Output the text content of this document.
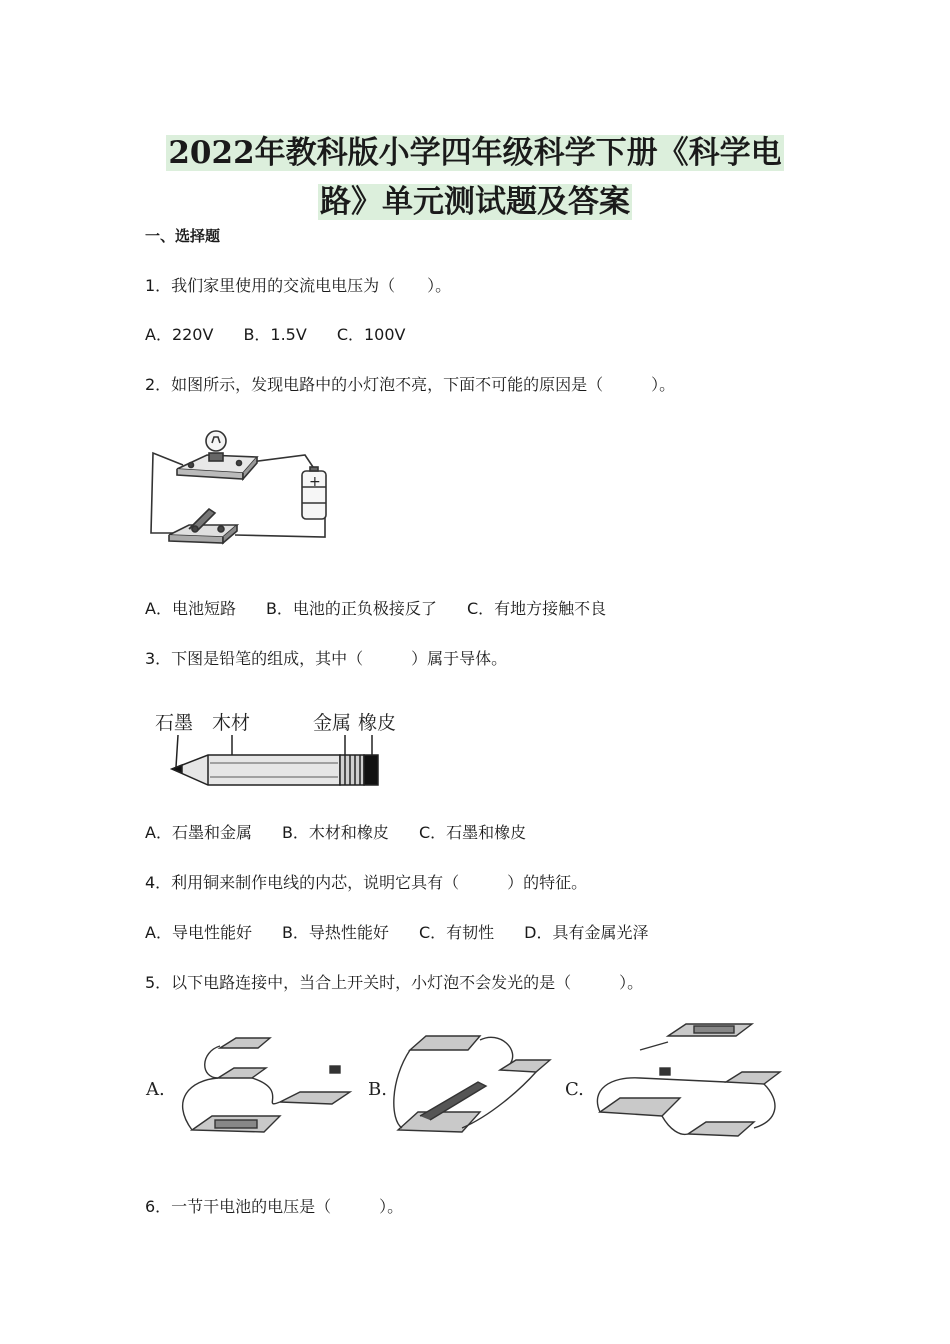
2022年教科版小学四年级科学下册《科学电
路》单元测试题及答案
一、选择题
1．我们家里使用的交流电电压为（　　）。
A．220V B．1.5V C．100V
2．如图所示，发现电路中的小灯泡不亮，下面不可能的原因是（　　　）。
+
A．电池短路 B．电池的正负极接反了 C．有地方接触不良
3．下图是铅笔的组成，其中（　　　）属于导体。
石墨 木材	金属 橡皮
A．石墨和金属 B．木材和橡皮 C．石墨和橡皮
4．利用铜来制作电线的内芯，说明它具有（　　　）的特征。
A．导电性能好 B．导热性能好 C．有韧性 D．具有金属光泽
5．以下电路连接中，当合上开关时，小灯泡不会发光的是（　　　）。
A.	B.	C.
6．一节干电池的电压是（　　　）。
